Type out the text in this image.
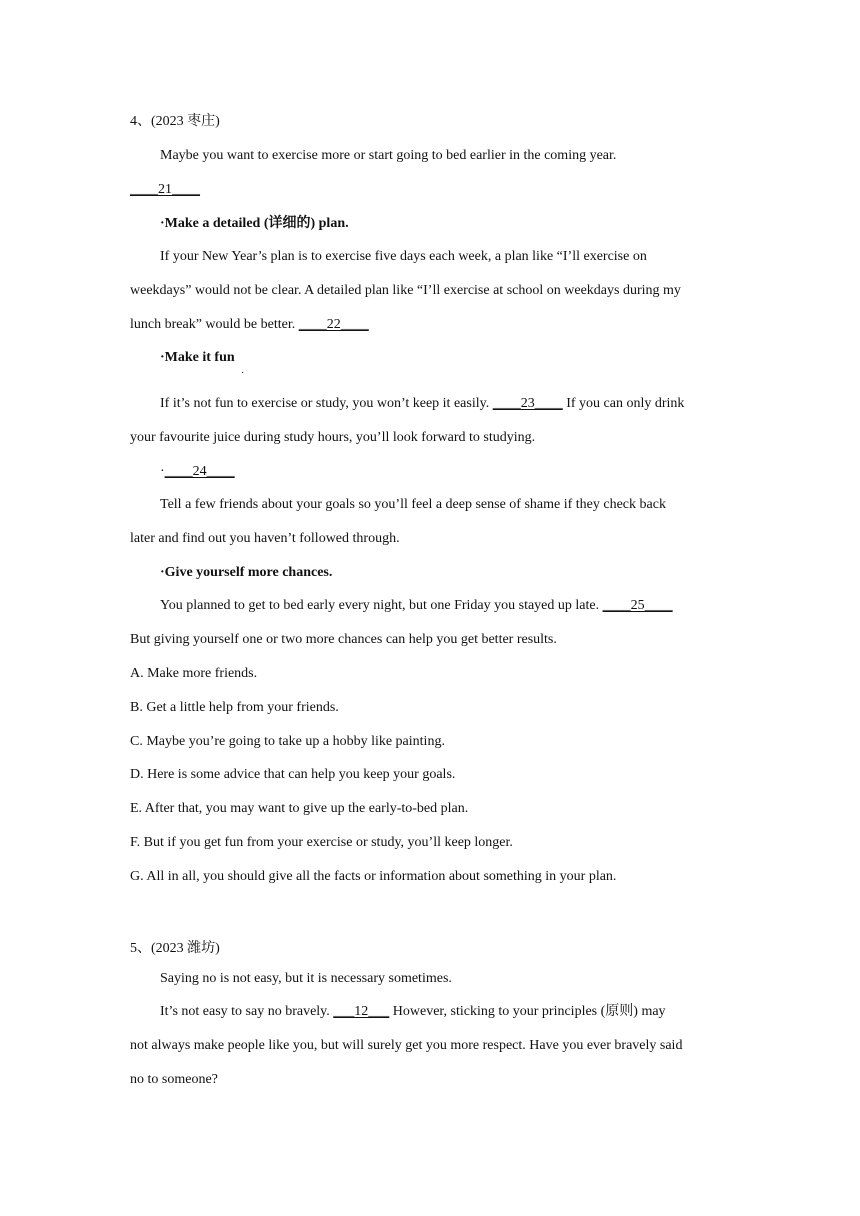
4、(2023 枣庄)
Maybe you want to exercise more or start going to bed earlier in the coming year.
____21____
·Make a detailed (详细的) plan.
If your New Year’s plan is to exercise five days each week, a plan like “I’ll exercise on
weekdays” would not be clear. A detailed plan like “I’ll exercise at school on weekdays during my
lunch break” would be better. ____22____
·Make it fun
·
If it’s not fun to exercise or study, you won’t keep it easily. ____23____ If you can only drink
your favourite juice during study hours, you’ll look forward to studying.
·____24____
Tell a few friends about your goals so you’ll feel a deep sense of shame if they check back
later and find out you haven’t followed through.
·Give yourself more chances.
You planned to get to bed early every night, but one Friday you stayed up late. ____25____
But giving yourself one or two more chances can help you get better results.
A. Make more friends.
B. Get a little help from your friends.
C. Maybe you’re going to take up a hobby like painting.
D. Here is some advice that can help you keep your goals.
E. After that, you may want to give up the early-to-bed plan.
F. But if you get fun from your exercise or study, you’ll keep longer.
G. All in all, you should give all the facts or information about something in your plan.
5、(2023 潍坊)
Saying no is not easy, but it is necessary sometimes.
It’s not easy to say no bravely. ___12___ However, sticking to your principles (原则) may
not always make people like you, but will surely get you more respect. Have you ever bravely said
no to someone?
